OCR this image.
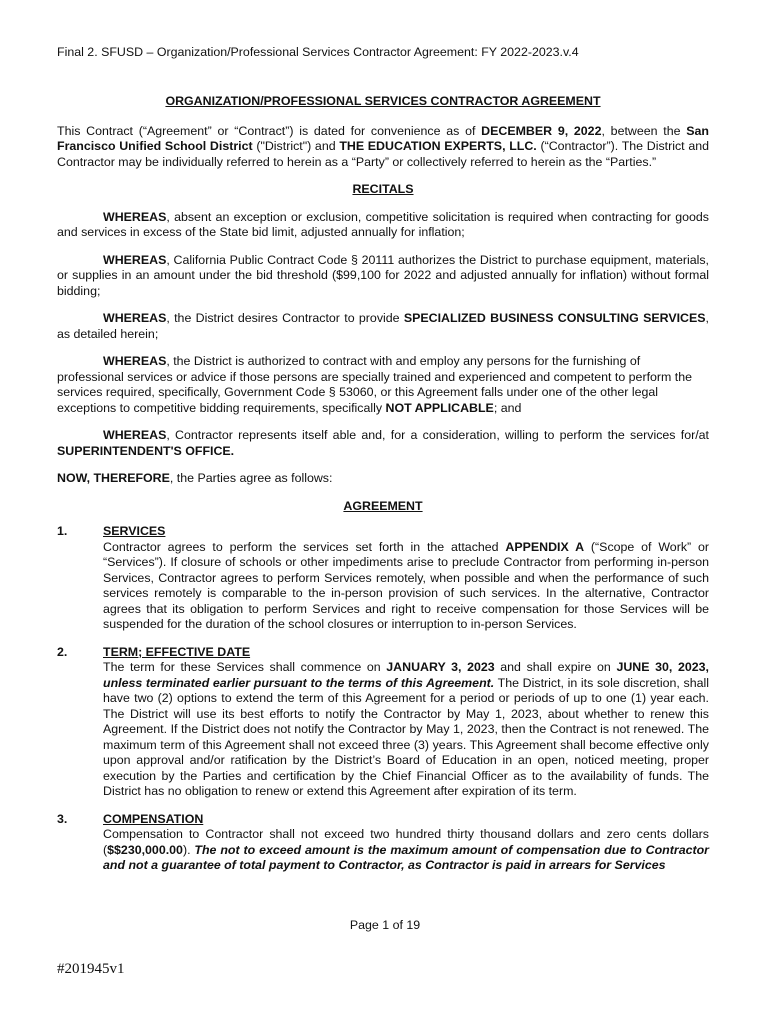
Final 2. SFUSD – Organization/Professional Services Contractor Agreement: FY 2022-2023.v.4
ORGANIZATION/PROFESSIONAL SERVICES CONTRACTOR AGREEMENT

This Contract (“Agreement” or “Contract”) is dated for convenience as of DECEMBER 9, 2022, between the San Francisco Unified School District ("District") and THE EDUCATION EXPERTS, LLC. (“Contractor”). The District and Contractor may be individually referred to herein as a “Party” or collectively referred to herein as the “Parties.”

RECITALS

WHEREAS, absent an exception or exclusion, competitive solicitation is required when contracting for goods and services in excess of the State bid limit, adjusted annually for inflation;

WHEREAS, California Public Contract Code § 20111 authorizes the District to purchase equipment, materials, or supplies in an amount under the bid threshold ($99,100 for 2022 and adjusted annually for inflation) without formal bidding;

WHEREAS, the District desires Contractor to provide SPECIALIZED BUSINESS CONSULTING SERVICES, as detailed herein;

WHEREAS, the District is authorized to contract with and employ any persons for the furnishing of professional services or advice if those persons are specially trained and experienced and competent to perform the services required, specifically, Government Code § 53060, or this Agreement falls under one of the other legal exceptions to competitive bidding requirements, specifically NOT APPLICABLE; and

WHEREAS, Contractor represents itself able and, for a consideration, willing to perform the services for/at SUPERINTENDENT'S OFFICE.

NOW, THEREFORE, the Parties agree as follows:

AGREEMENT
1.	SERVICES

Contractor agrees to perform the services set forth in the attached APPENDIX A (“Scope of Work” or “Services”). If closure of schools or other impediments arise to preclude Contractor from performing in-person Services, Contractor agrees to perform Services remotely, when possible and when the performance of such services remotely is comparable to the in-person provision of such services. In the alternative, Contractor agrees that its obligation to perform Services and right to receive compensation for those Services will be suspended for the duration of the school closures or interruption to in-person Services.

2.	TERM; EFFECTIVE DATE

The term for these Services shall commence on JANUARY 3, 2023 and shall expire on JUNE 30, 2023, unless terminated earlier pursuant to the terms of this Agreement. The District, in its sole discretion, shall have two (2) options to extend the term of this Agreement for a period or periods of up to one (1) year each. The District will use its best efforts to notify the Contractor by May 1, 2023, about whether to renew this Agreement. If the District does not notify the Contractor by May 1, 2023, then the Contract is not renewed. The maximum term of this Agreement shall not exceed three (3) years. This Agreement shall become effective only upon approval and/or ratification by the District’s Board of Education in an open, noticed meeting, proper execution by the Parties and certification by the Chief Financial Officer as to the availability of funds. The District has no obligation to renew or extend this Agreement after expiration of its term.

3.	COMPENSATION

Compensation to Contractor shall not exceed two hundred thirty thousand dollars and zero cents dollars ($$230,000.00). The not to exceed amount is the maximum amount of compensation due to Contractor and not a guarantee of total payment to Contractor, as Contractor is paid in arrears for Services

Page 1 of 19
#201945v1
